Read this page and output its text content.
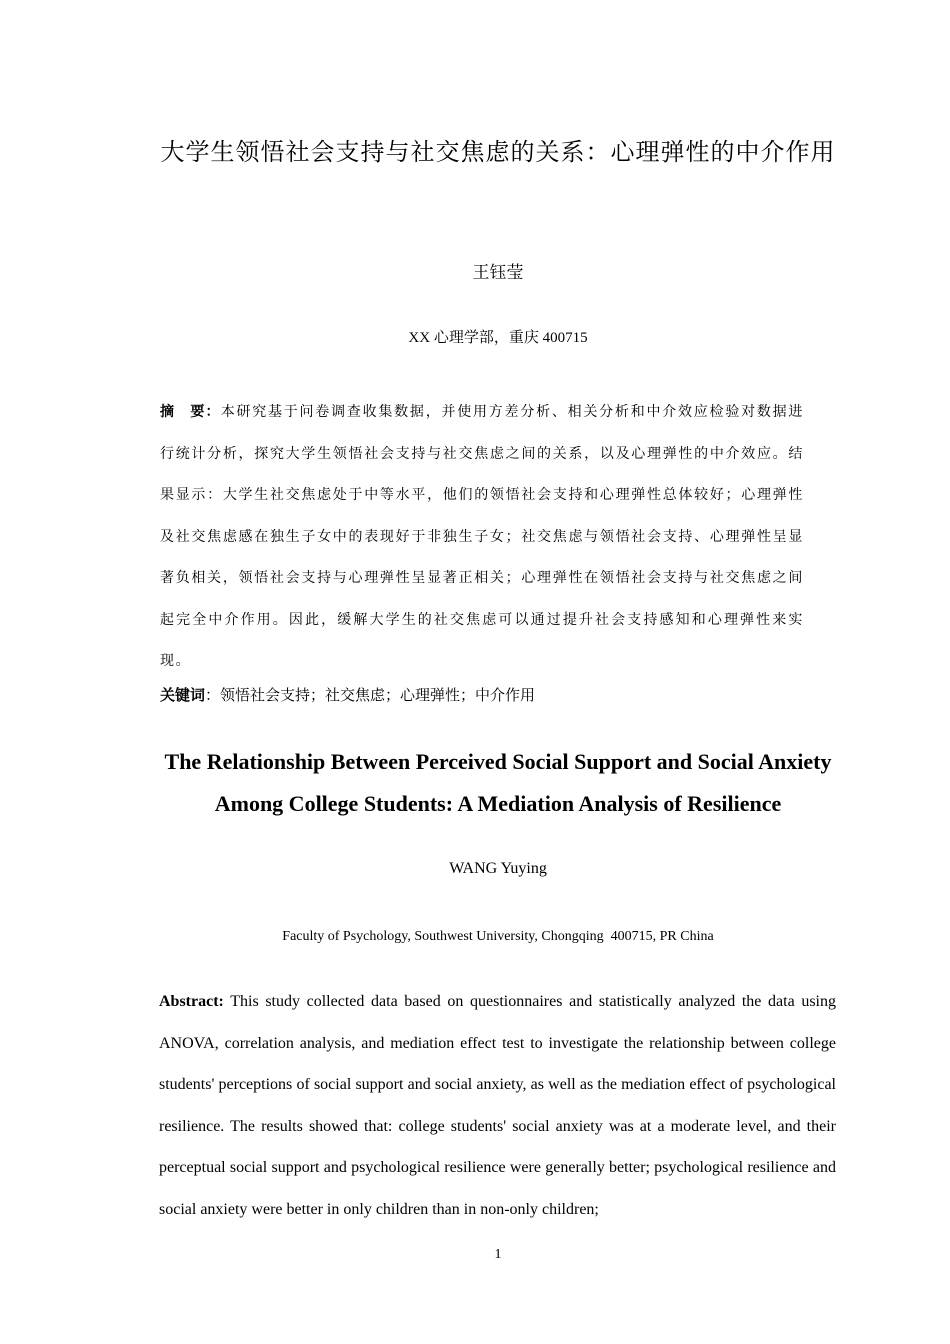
大学生领悟社会支持与社交焦虑的关系：心理弹性的中介作用
王钰莹
XX 心理学部，重庆 400715
摘　要：本研究基于问卷调查收集数据，并使用方差分析、相关分析和中介效应检验对数据进行统计分析，探究大学生领悟社会支持与社交焦虑之间的关系，以及心理弹性的中介效应。结果显示：大学生社交焦虑处于中等水平，他们的领悟社会支持和心理弹性总体较好；心理弹性及社交焦虑感在独生子女中的表现好于非独生子女；社交焦虑与领悟社会支持、心理弹性呈显著负相关，领悟社会支持与心理弹性呈显著正相关；心理弹性在领悟社会支持与社交焦虑之间起完全中介作用。因此，缓解大学生的社交焦虑可以通过提升社会支持感知和心理弹性来实现。
关键词：领悟社会支持；社交焦虑；心理弹性；中介作用
The Relationship Between Perceived Social Support and Social Anxiety Among College Students: A Mediation Analysis of Resilience
WANG Yuying
Faculty of Psychology, Southwest University, Chongqing  400715, PR China
Abstract: This study collected data based on questionnaires and statistically analyzed the data using ANOVA, correlation analysis, and mediation effect test to investigate the relationship between college students' perceptions of social support and social anxiety, as well as the mediation effect of psychological resilience. The results showed that: college students' social anxiety was at a moderate level, and their perceptual social support and psychological resilience were generally better; psychological resilience and social anxiety were better in only children than in non-only children;
1
